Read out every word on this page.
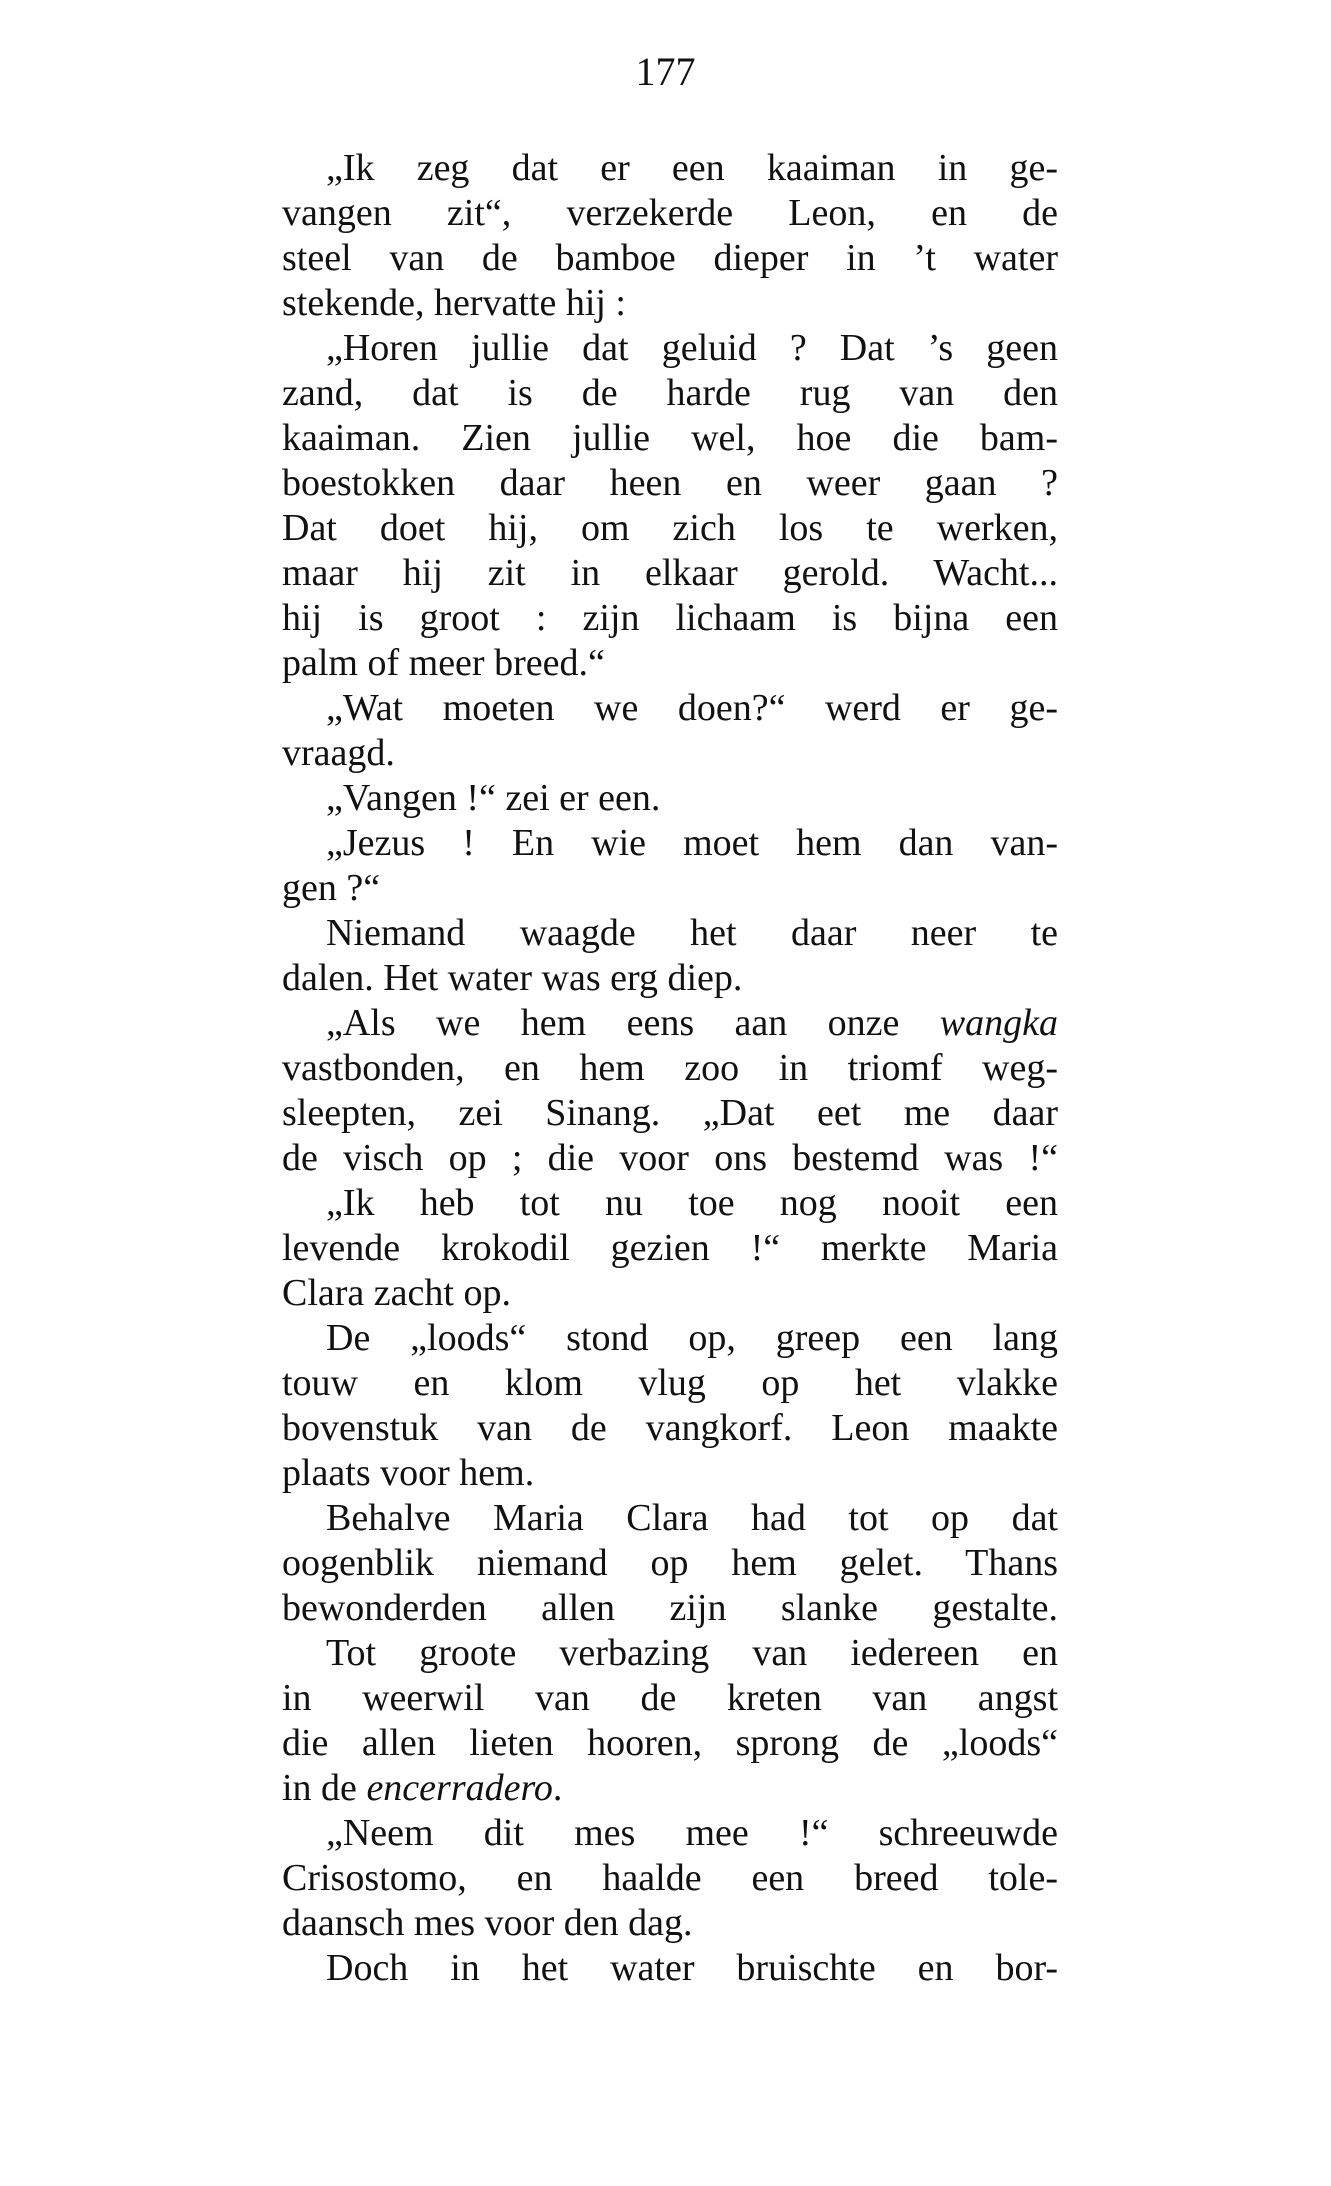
177
„Ik zeg dat er een kaaiman in ge-
vangen zit“, verzekerde Leon, en de
steel van de bamboe dieper in ’t water
stekende, hervatte hij :
„Horen jullie dat geluid ? Dat ’s geen
zand, dat is de harde rug van den
kaaiman. Zien jullie wel, hoe die bam-
boestokken daar heen en weer gaan ?
Dat doet hij, om zich los te werken,
maar hij zit in elkaar gerold. Wacht...
hij is groot : zijn lichaam is bijna een
palm of meer breed.“
„Wat moeten we doen?“ werd er ge-
vraagd.
„Vangen !“ zei er een.
„Jezus ! En wie moet hem dan van-
gen ?“
Niemand waagde het daar neer te
dalen. Het water was erg diep.
„Als we hem eens aan onze wangka
vastbonden, en hem zoo in triomf weg-
sleepten, zei Sinang. „Dat eet me daar
de visch op ; die voor ons bestemd was !“
„Ik heb tot nu toe nog nooit een
levende krokodil gezien !“ merkte Maria
Clara zacht op.
De „loods“ stond op, greep een lang
touw en klom vlug op het vlakke
bovenstuk van de vangkorf. Leon maakte
plaats voor hem.
Behalve Maria Clara had tot op dat
oogenblik niemand op hem gelet. Thans
bewonderden allen zijn slanke gestalte.
Tot groote verbazing van iedereen en
in weerwil van de kreten van angst
die allen lieten hooren, sprong de „loods“
in de encerradero.
„Neem dit mes mee !“ schreeuwde
Crisostomo, en haalde een breed tole-
daansch mes voor den dag.
Doch in het water bruischte en bor-
